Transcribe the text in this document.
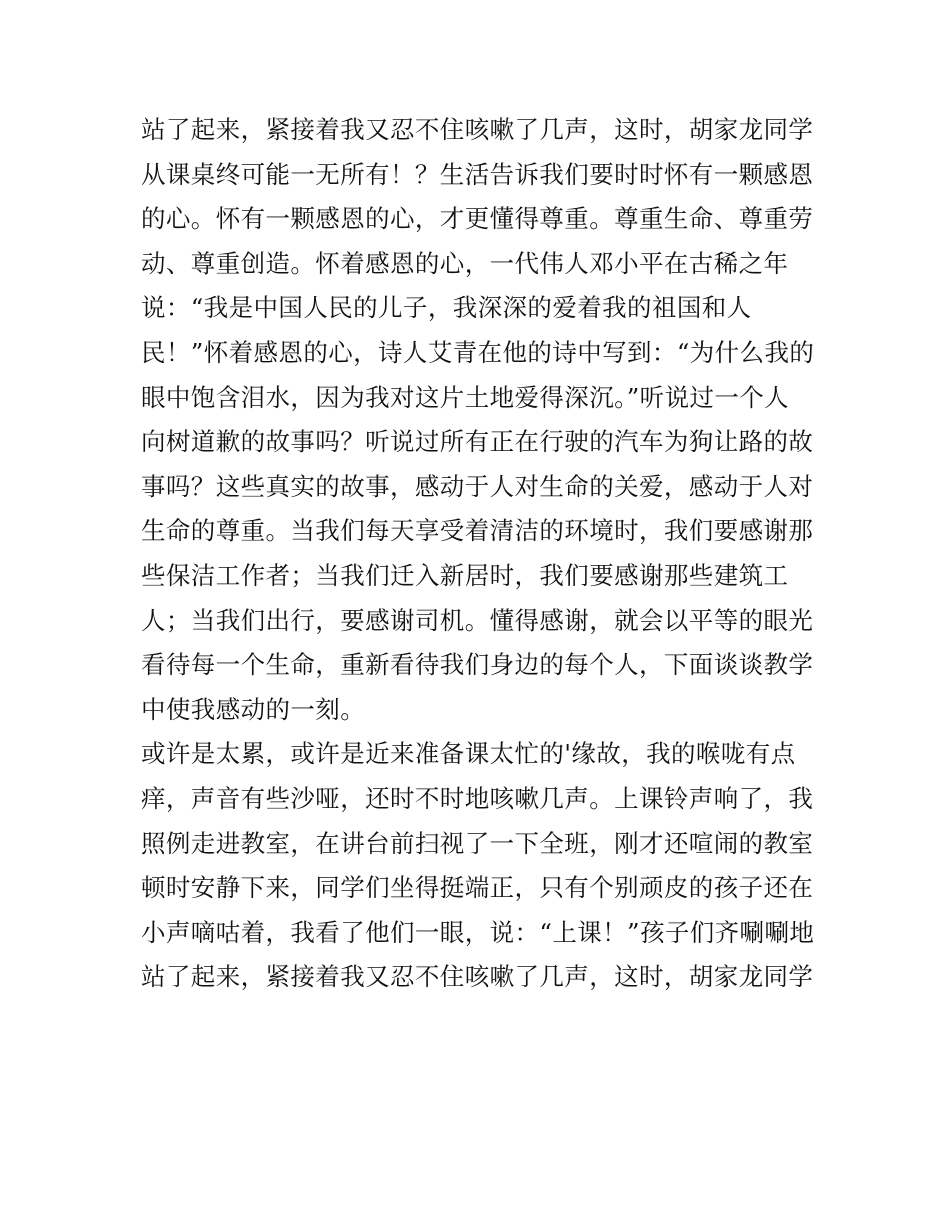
站了起来，紧接着我又忍不住咳嗽了几声，这时，胡家龙同学
从课桌终可能一无所有！？生活告诉我们要时时怀有一颗感恩
的心。怀有一颗感恩的心，才更懂得尊重。尊重生命、尊重劳
动、尊重创造。怀着感恩的心，一代伟人邓小平在古稀之年
说：“我是中国人民的儿子，我深深的爱着我的祖国和人
民！”怀着感恩的心，诗人艾青在他的诗中写到：“为什么我的
眼中饱含泪水，因为我对这片土地爱得深沉。”听说过一个人
向树道歉的故事吗？听说过所有正在行驶的汽车为狗让路的故
事吗？这些真实的故事，感动于人对生命的关爱，感动于人对
生命的尊重。当我们每天享受着清洁的环境时，我们要感谢那
些保洁工作者；当我们迁入新居时，我们要感谢那些建筑工
人；当我们出行，要感谢司机。懂得感谢，就会以平等的眼光
看待每一个生命，重新看待我们身边的每个人，下面谈谈教学
中使我感动的一刻。
或许是太累，或许是近来准备课太忙的'缘故，我的喉咙有点
痒，声音有些沙哑，还时不时地咳嗽几声。上课铃声响了，我
照例走进教室，在讲台前扫视了一下全班，刚才还喧闹的教室
顿时安静下来，同学们坐得挺端正，只有个别顽皮的孩子还在
小声嘀咕着，我看了他们一眼，说：“上课！”孩子们齐唰唰地
站了起来，紧接着我又忍不住咳嗽了几声，这时，胡家龙同学
